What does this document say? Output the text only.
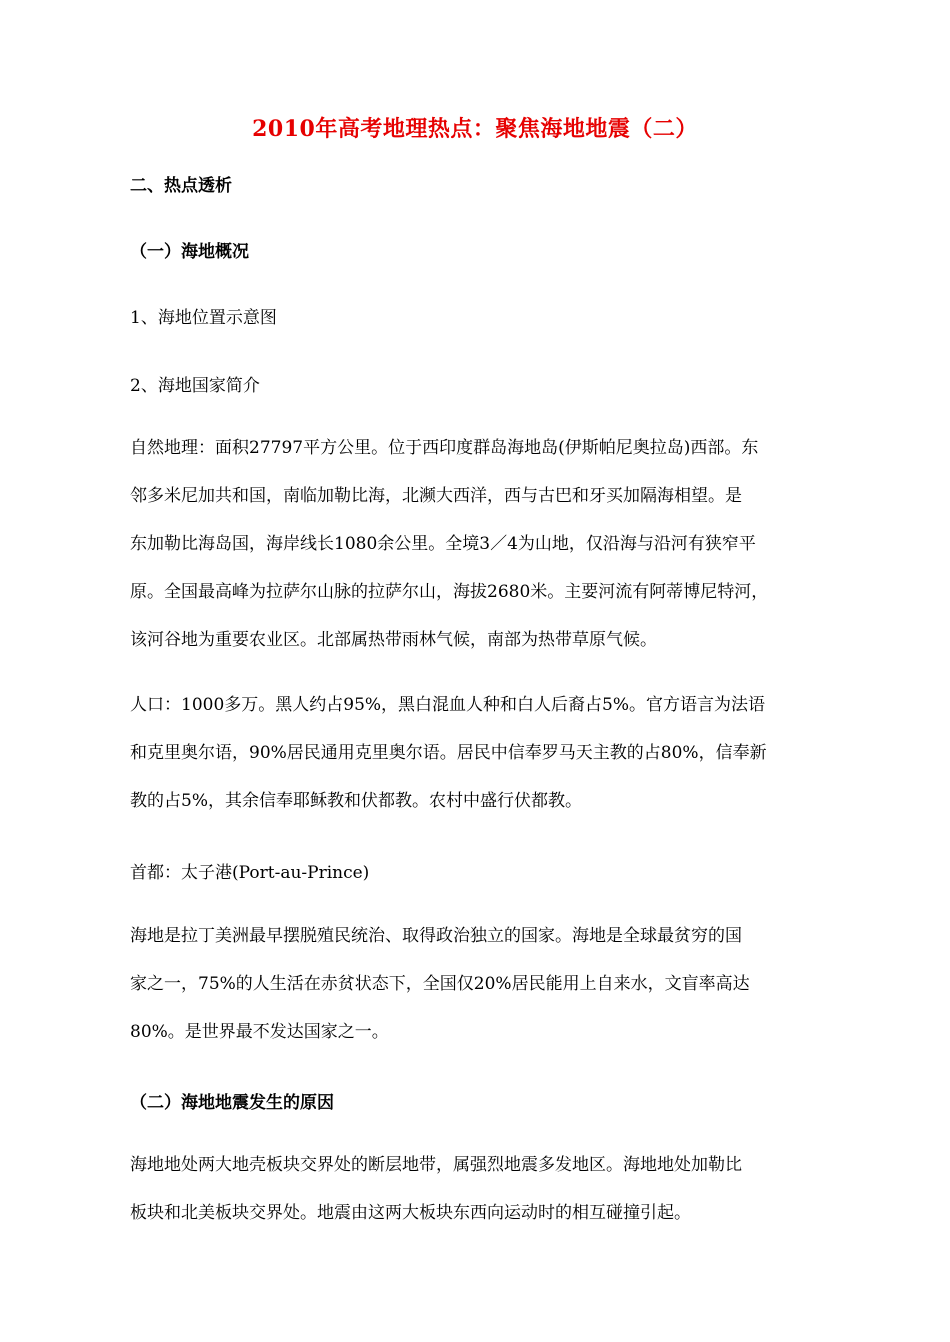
2010年高考地理热点：聚焦海地地震（二）
二、热点透析
（一）海地概况
1、海地位置示意图
2、海地国家简介
自然地理：面积27797平方公里。位于西印度群岛海地岛(伊斯帕尼奥拉岛)西部。东
邻多米尼加共和国，南临加勒比海，北濒大西洋，西与古巴和牙买加隔海相望。是
东加勒比海岛国，海岸线长1080余公里。全境3／4为山地，仅沿海与沿河有狭窄平
原。全国最高峰为拉萨尔山脉的拉萨尔山，海拔2680米。主要河流有阿蒂博尼特河，
该河谷地为重要农业区。北部属热带雨林气候，南部为热带草原气候。
人口：1000多万。黑人约占95%，黑白混血人种和白人后裔占5%。官方语言为法语
和克里奥尔语，90%居民通用克里奥尔语。居民中信奉罗马天主教的占80%，信奉新
教的占5%，其余信奉耶稣教和伏都教。农村中盛行伏都教。
首都：太子港(Port-au-Prince)
海地是拉丁美洲最早摆脱殖民统治、取得政治独立的国家。海地是全球最贫穷的国
家之一，75%的人生活在赤贫状态下，全国仅20%居民能用上自来水，文盲率高达
80%。是世界最不发达国家之一。
（二）海地地震发生的原因
海地地处两大地壳板块交界处的断层地带，属强烈地震多发地区。海地地处加勒比
板块和北美板块交界处。地震由这两大板块东西向运动时的相互碰撞引起。
